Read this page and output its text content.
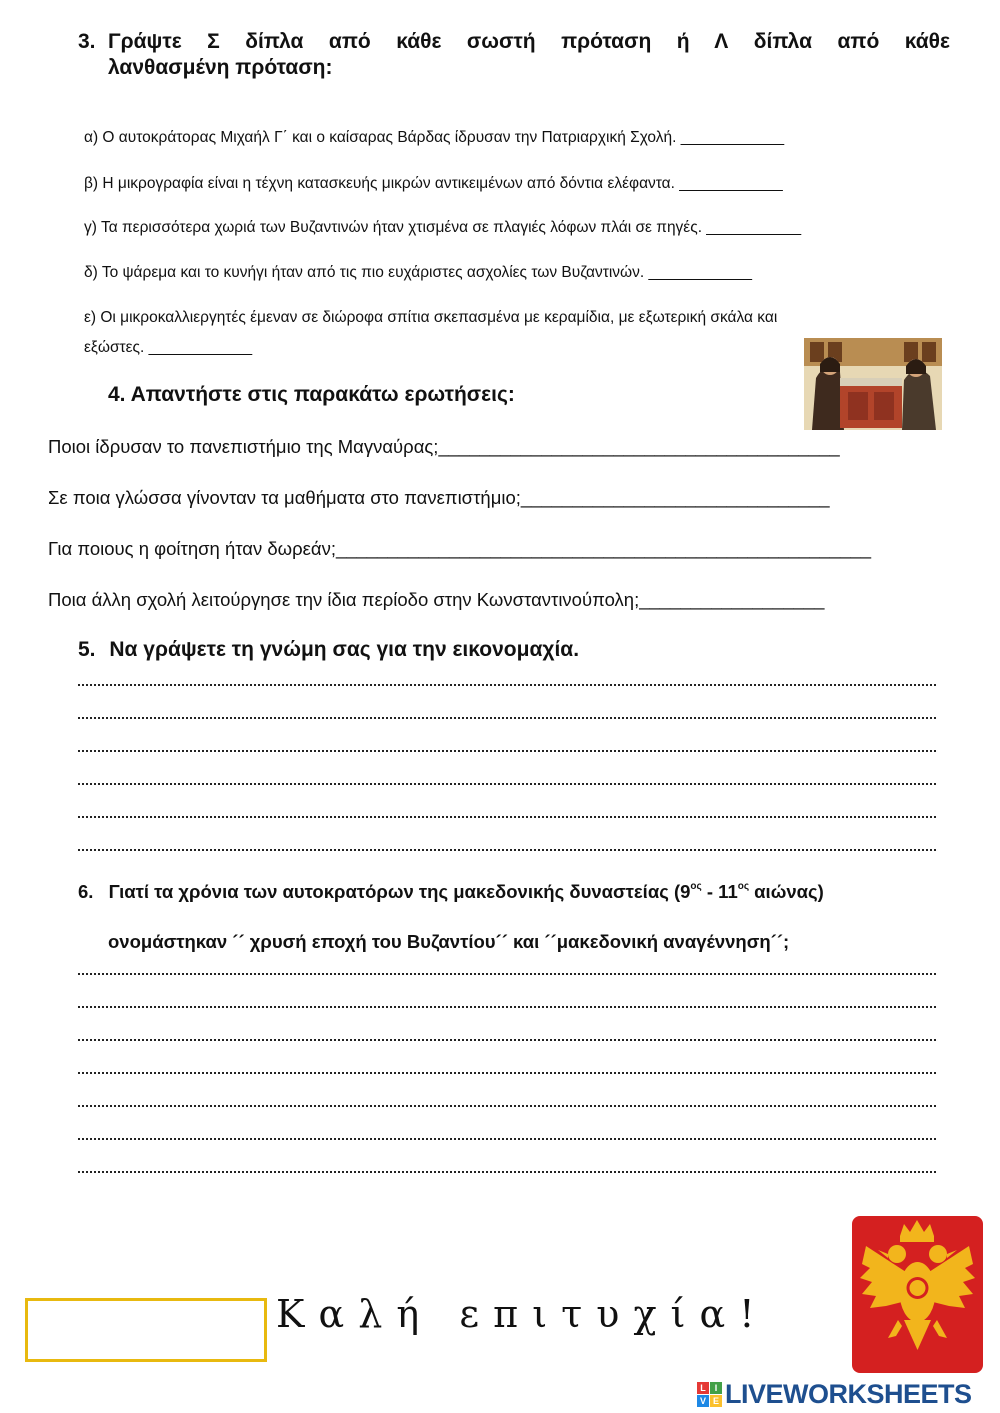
3. Γράψτε Σ δίπλα από κάθε σωστή πρόταση ή Λ δίπλα από κάθε
λανθασμένη πρόταση:
α) Ο αυτοκράτορας Μιχαήλ Γ΄ και ο καίσαρας Βάρδας ίδρυσαν την Πατριαρχική Σχολή. ____________
β) Η μικρογραφία είναι η τέχνη κατασκευής μικρών αντικειμένων από δόντια ελέφαντα. ____________
γ) Τα περισσότερα χωριά των Βυζαντινών ήταν χτισμένα σε πλαγιές λόφων πλάι σε πηγές. ___________
δ) Το ψάρεμα και το κυνήγι ήταν από τις πιο ευχάριστες ασχολίες των Βυζαντινών. ____________
ε) Οι μικροκαλλιεργητές έμεναν σε διώροφα σπίτια σκεπασμένα με κεραμίδια, με εξωτερική σκάλα και
εξώστες. ____________
4. Απαντήστε στις παρακάτω ερωτήσεις:
Ποιοι ίδρυσαν το πανεπιστήμιο της Μαγναύρας;_______________________________________
Σε ποια γλώσσα γίνονταν τα μαθήματα στο πανεπιστήμιο;______________________________
Για ποιους η φοίτηση ήταν δωρεάν;____________________________________________________
Ποια άλλη σχολή λειτούργησε την ίδια περίοδο στην Κωνσταντινούπολη;__________________
5. Να γράψετε τη γνώμη σας για την εικονομαχία.
6. Γιατί τα χρόνια των αυτοκρατόρων της μακεδονικής δυναστείας ($9^{o\varsigma} - 11^{o\varsigma}$ αιώνας)
ονομάστηκαν ´´ χρυσή εποχή του Βυζαντίου´´ και ´´μακεδονική αναγέννηση´´;
Κ α λ ή   ε π ι τ υ χ ί α !
L I
V E LIVEWORKSHEETS
